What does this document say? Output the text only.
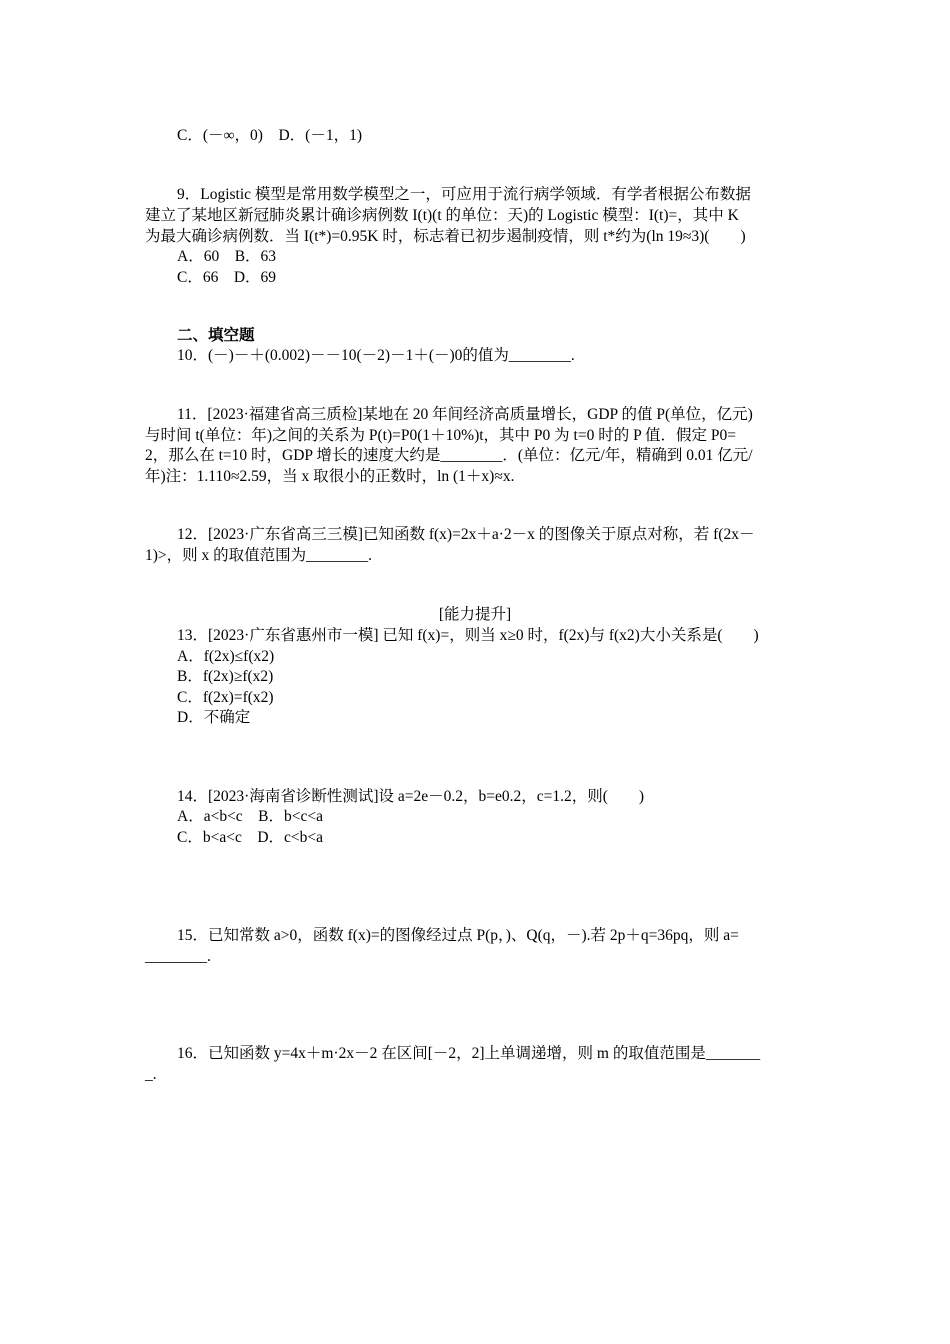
C．(－∞，0)　D．(－1，1)
9．Logistic 模型是常用数学模型之一，可应用于流行病学领域．有学者根据公布数据
建立了某地区新冠肺炎累计确诊病例数 I(t)(t 的单位：天)的 Logistic 模型：I(t)=，其中 K
为最大确诊病例数．当 I(t*)=0.95K 时，标志着已初步遏制疫情，则 t*约为(ln 19≈3)(　　)
A．60　B．63
C．66　D．69
二、填空题
10．(－)－＋(0.002)－－10(－2)－1＋(－)0的值为________.
11．[2023·福建省高三质检]某地在 20 年间经济高质量增长，GDP 的值 P(单位，亿元)
与时间 t(单位：年)之间的关系为 P(t)=P0(1＋10%)t，其中 P0 为 t=0 时的 P 值．假定 P0=
2，那么在 t=10 时，GDP 增长的速度大约是________．(单位：亿元/年，精确到 0.01 亿元/
年)注：1.110≈2.59，当 x 取很小的正数时，ln (1＋x)≈x.
12．[2023·广东省高三三模]已知函数 f(x)=2x＋a·2－x 的图像关于原点对称，若 f(2x－
1)>，则 x 的取值范围为________.
[能力提升]
13．[2023·广东省惠州市一模] 已知 f(x)=，则当 x≥0 时，f(2x)与 f(x2)大小关系是(　　)
A．f(2x)≤f(x2)
B．f(2x)≥f(x2)
C．f(2x)=f(x2)
D．不确定
14．[2023·海南省诊断性测试]设 a=2e－0.2，b=e0.2，c=1.2，则(　　)
A．a<b<c　B．b<c<a
C．b<a<c　D．c<b<a
15．已知常数 a>0，函数 f(x)=的图像经过点 P(p，)、Q(q，－).若 2p＋q=36pq，则 a=
________.
16．已知函数 y=4x＋m·2x－2 在区间[－2，2]上单调递增，则 m 的取值范围是_______
_.
